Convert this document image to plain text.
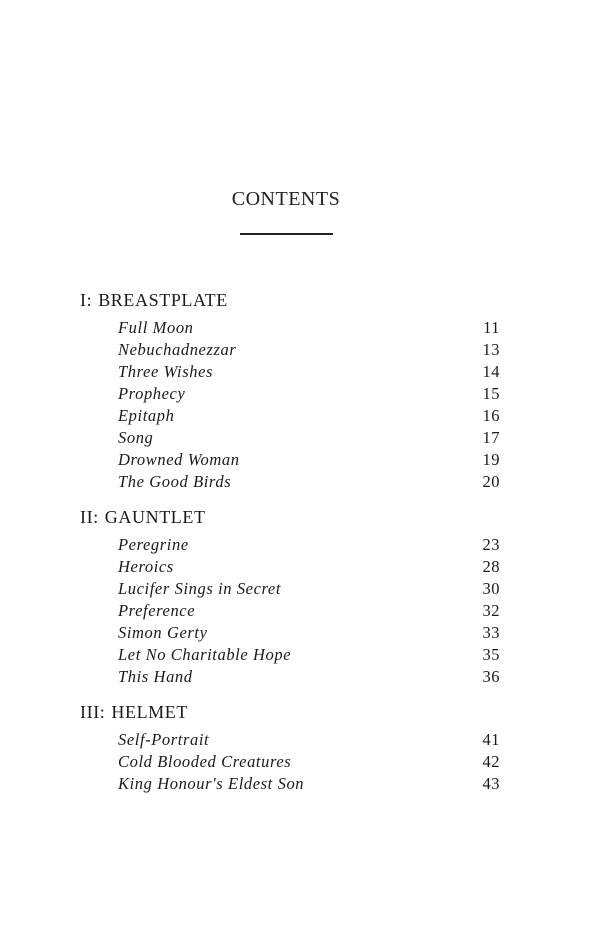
CONTENTS
I: BREASTPLATE
Full Moon	11
Nebuchadnezzar	13
Three Wishes	14
Prophecy	15
Epitaph	16
Song	17
Drowned Woman	19
The Good Birds	20
II: GAUNTLET
Peregrine	23
Heroics	28
Lucifer Sings in Secret	30
Preference	32
Simon Gerty	33
Let No Charitable Hope	35
This Hand	36
III: HELMET
Self-Portrait	41
Cold Blooded Creatures	42
King Honour's Eldest Son	43
